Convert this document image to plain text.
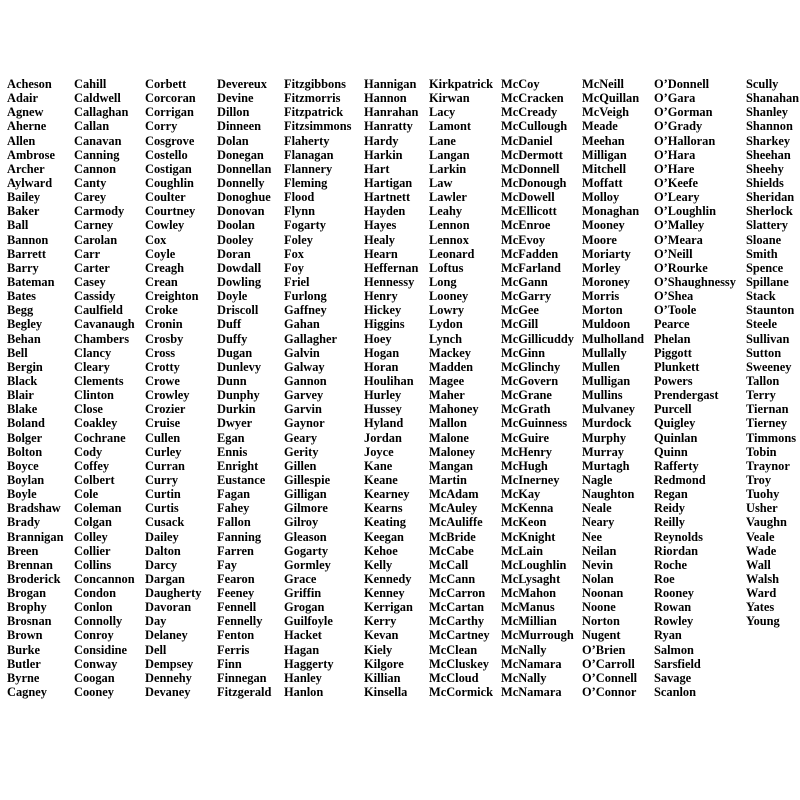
Acheson
Adair
Agnew
Aherne
Allen
Ambrose
Archer
Aylward
Bailey
Baker
Ball
Bannon
Barrett
Barry
Bateman
Bates
Begg
Begley
Behan
Bell
Bergin
Black
Blair
Blake
Boland
Bolger
Bolton
Boyce
Boylan
Boyle
Bradshaw
Brady
Brannigan
Breen
Brennan
Broderick
Brogan
Brophy
Brosnan
Brown
Burke
Butler
Byrne
Cagney
Cahill
Caldwell
Callaghan
Callan
Canavan
Canning
Cannon
Canty
Carey
Carmody
Carney
Carolan
Carr
Carter
Casey
Cassidy
Caulfield
Cavanaugh
Chambers
Clancy
Cleary
Clements
Clinton
Close
Coakley
Cochrane
Cody
Coffey
Colbert
Cole
Coleman
Colgan
Colley
Collier
Collins
Concannon
Condon
Conlon
Connolly
Conroy
Considine
Conway
Coogan
Cooney
Corbett
Corcoran
Corrigan
Corry
Cosgrove
Costello
Costigan
Coughlin
Coulter
Courtney
Cowley
Cox
Coyle
Creagh
Crean
Creighton
Croke
Cronin
Crosby
Cross
Crotty
Crowe
Crowley
Crozier
Cruise
Cullen
Curley
Curran
Curry
Curtin
Curtis
Cusack
Dailey
Dalton
Darcy
Dargan
Daugherty
Davoran
Day
Delaney
Dell
Dempsey
Dennehy
Devaney
Devereux
Devine
Dillon
Dinneen
Dolan
Donegan
Donnellan
Donnelly
Donoghue
Donovan
Doolan
Dooley
Doran
Dowdall
Dowling
Doyle
Driscoll
Duff
Duffy
Dugan
Dunlevy
Dunn
Dunphy
Durkin
Dwyer
Egan
Ennis
Enright
Eustance
Fagan
Fahey
Fallon
Fanning
Farren
Fay
Fearon
Feeney
Fennell
Fennelly
Fenton
Ferris
Finn
Finnegan
Fitzgerald
Fitzgibbons
Fitzmorris
Fitzpatrick
Fitzsimmons
Flaherty
Flanagan
Flannery
Fleming
Flood
Flynn
Fogarty
Foley
Fox
Foy
Friel
Furlong
Gaffney
Gahan
Gallagher
Galvin
Galway
Gannon
Garvey
Garvin
Gaynor
Geary
Gerity
Gillen
Gillespie
Gilligan
Gilmore
Gilroy
Gleason
Gogarty
Gormley
Grace
Griffin
Grogan
Guilfoyle
Hacket
Hagan
Haggerty
Hanley
Hanlon
Hannigan
Hannon
Hanrahan
Hanratty
Hardy
Harkin
Hart
Hartigan
Hartnett
Hayden
Hayes
Healy
Hearn
Heffernan
Hennessy
Henry
Hickey
Higgins
Hoey
Hogan
Horan
Houlihan
Hurley
Hussey
Hyland
Jordan
Joyce
Kane
Keane
Kearney
Kearns
Keating
Keegan
Kehoe
Kelly
Kennedy
Kenney
Kerrigan
Kerry
Kevan
Kiely
Kilgore
Killian
Kinsella
Kirkpatrick
Kirwan
Lacy
Lamont
Lane
Langan
Larkin
Law
Lawler
Leahy
Lennon
Lennox
Leonard
Loftus
Long
Looney
Lowry
Lydon
Lynch
Mackey
Madden
Magee
Maher
Mahoney
Mallon
Malone
Maloney
Mangan
Martin
McAdam
McAuley
McAuliffe
McBride
McCabe
McCall
McCann
McCarron
McCartan
McCarthy
McCartney
McClean
McCluskey
McCloud
McCormick
McCoy
McCracken
McCready
McCullough
McDaniel
McDermott
McDonnell
McDonough
McDowell
McEllicott
McEnroe
McEvoy
McFadden
McFarland
McGann
McGarry
McGee
McGill
McGillicuddy
McGinn
McGlinchy
McGovern
McGrane
McGrath
McGuinness
McGuire
McHenry
McHugh
McInerney
McKay
McKenna
McKeon
McKnight
McLain
McLoughlin
McLysaght
McMahon
McManus
McMillian
McMurrough
McNally
McNamara
McNally
McNamara
McNeill
McQuillan
McVeigh
Meade
Meehan
Milligan
Mitchell
Moffatt
Molloy
Monaghan
Mooney
Moore
Moriarty
Morley
Moroney
Morris
Morton
Muldoon
Mulholland
Mullally
Mullen
Mulligan
Mullins
Mulvaney
Murdock
Murphy
Murray
Murtagh
Nagle
Naughton
Neale
Neary
Nee
Neilan
Nevin
Nolan
Noonan
Noone
Norton
Nugent
O’Brien
O’Carroll
O’Connell
O’Connor
O’Donnell
O’Gara
O’Gorman
O’Grady
O’Halloran
O’Hara
O’Hare
O’Keefe
O’Leary
O’Loughlin
O’Malley
O’Meara
O’Neill
O’Rourke
O’Shaughnessy
O’Shea
O’Toole
Pearce
Phelan
Piggott
Plunkett
Powers
Prendergast
Purcell
Quigley
Quinlan
Quinn
Rafferty
Redmond
Regan
Reidy
Reilly
Reynolds
Riordan
Roche
Roe
Rooney
Rowan
Rowley
Ryan
Salmon
Sarsfield
Savage
Scanlon
Scully
Shanahan
Shanley
Shannon
Sharkey
Sheehan
Sheehy
Shields
Sheridan
Sherlock
Slattery
Sloane
Smith
Spence
Spillane
Stack
Staunton
Steele
Sullivan
Sutton
Sweeney
Tallon
Terry
Tiernan
Tierney
Timmons
Tobin
Traynor
Troy
Tuohy
Usher
Vaughn
Veale
Wade
Wall
Walsh
Ward
Yates
Young
